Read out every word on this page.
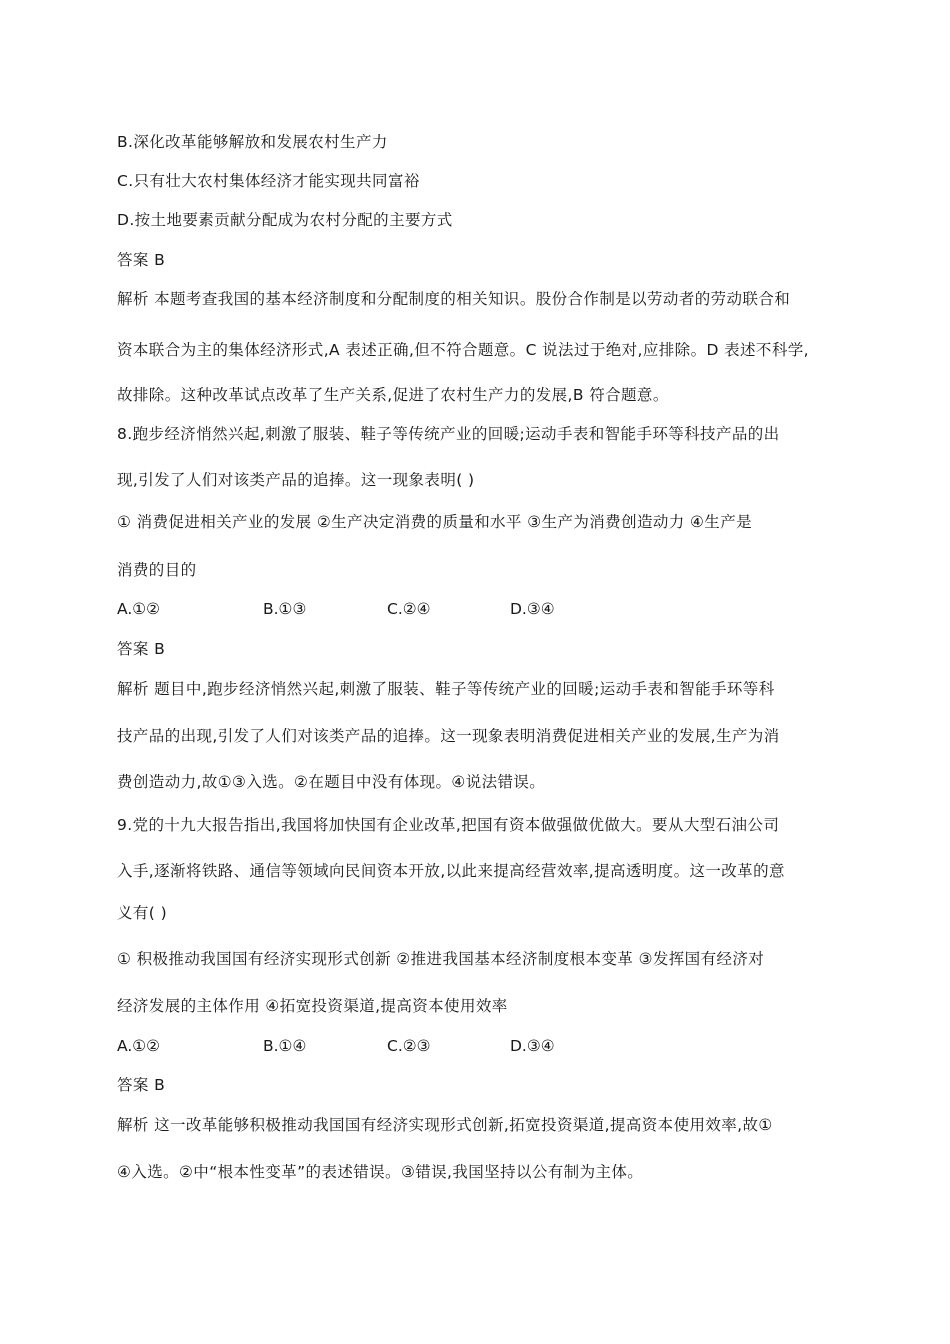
B.深化改革能够解放和发展农村生产力
C.只有壮大农村集体经济才能实现共同富裕
D.按土地要素贡献分配成为农村分配的主要方式
答案 B
解析 本题考查我国的基本经济制度和分配制度的相关知识。股份合作制是以劳动者的劳动联合和
资本联合为主的集体经济形式,A 表述正确,但不符合题意。C 说法过于绝对,应排除。D 表述不科学,
故排除。这种改革试点改革了生产关系,促进了农村生产力的发展,B 符合题意。
8.跑步经济悄然兴起,刺激了服装、鞋子等传统产业的回暖;运动手表和智能手环等科技产品的出
现,引发了人们对该类产品的追捧。这一现象表明( )
① 消费促进相关产业的发展 ②生产决定消费的质量和水平 ③生产为消费创造动力 ④生产是
消费的目的
A.①②	B.①③	C.②④	D.③④
答案 B
解析 题目中,跑步经济悄然兴起,刺激了服装、鞋子等传统产业的回暖;运动手表和智能手环等科
技产品的出现,引发了人们对该类产品的追捧。这一现象表明消费促进相关产业的发展,生产为消
费创造动力,故①③入选。②在题目中没有体现。④说法错误。
9.党的十九大报告指出,我国将加快国有企业改革,把国有资本做强做优做大。要从大型石油公司
入手,逐渐将铁路、通信等领域向民间资本开放,以此来提高经营效率,提高透明度。这一改革的意
义有( )
① 积极推动我国国有经济实现形式创新 ②推进我国基本经济制度根本变革 ③发挥国有经济对
经济发展的主体作用 ④拓宽投资渠道,提高资本使用效率
A.①②	B.①④	C.②③	D.③④
答案 B
解析 这一改革能够积极推动我国国有经济实现形式创新,拓宽投资渠道,提高资本使用效率,故①
④入选。②中“根本性变革”的表述错误。③错误,我国坚持以公有制为主体。
